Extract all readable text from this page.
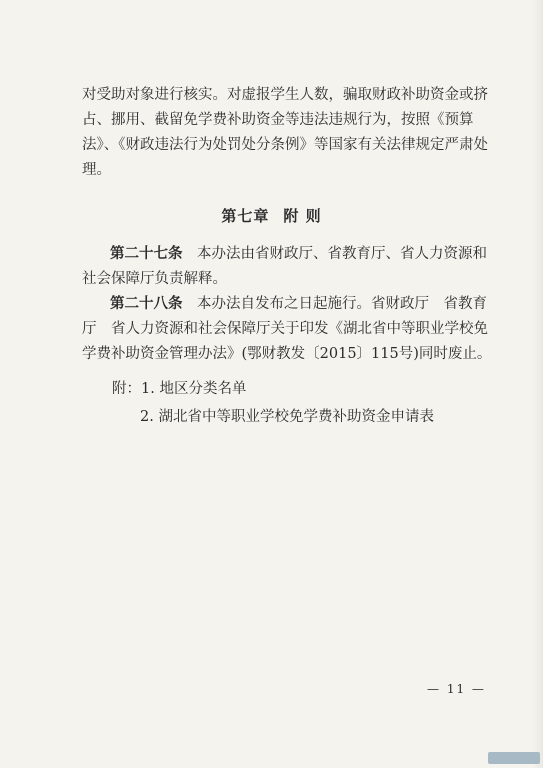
对受助对象进行核实。对虚报学生人数，骗取财政补助资金或挤
占、挪用、截留免学费补助资金等违法违规行为，按照《预算
法》、《财政违法行为处罚处分条例》等国家有关法律规定严肃处
理。

第七章 附 则

第二十七条　 本办法由省财政厅、省教育厅、省人力资源和
社会保障厅负责解释。

第二十八条　 本办法自发布之日起施行。省财政厅　省教育
厅　省人力资源和社会保障厅关于印发《湖北省中等职业学校免
学费补助资金管理办法》(鄂财教发〔2015〕115号)同时废止。

附：1. 地区分类名单

2. 湖北省中等职业学校免学费补助资金申请表

— 11 —
